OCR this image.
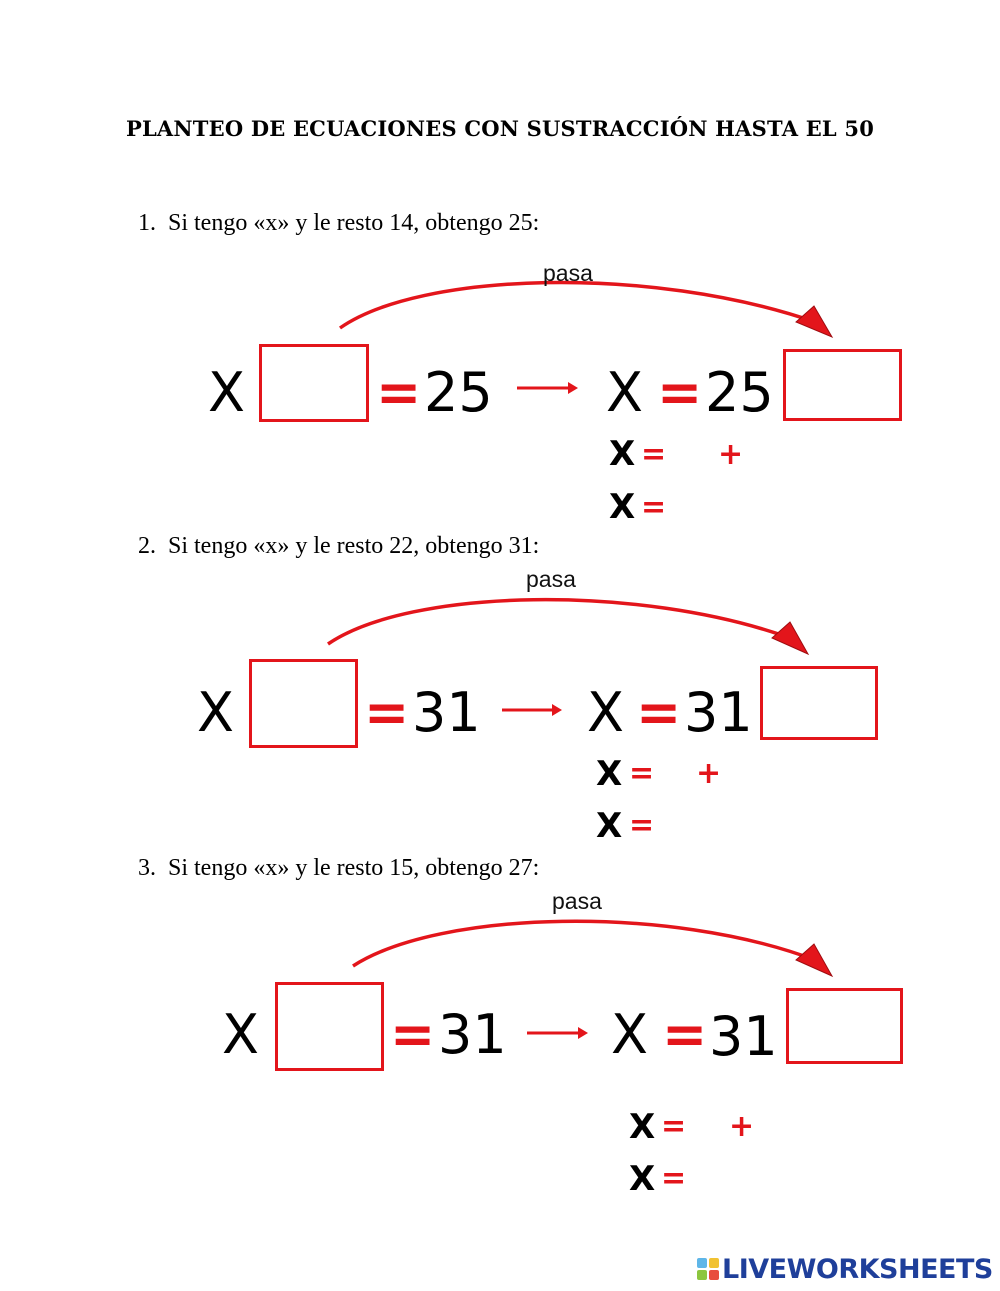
PLANTEO DE ECUACIONES CON SUSTRACCIÓN HASTA EL 50
1. Si tengo «x» y le resto 14, obtengo 25:
pasa
X = 25 X = 25
X = +
X =
2. Si tengo «x» y le resto 22, obtengo 31:
pasa
X = 31 X = 31
X = +
X =
3. Si tengo «x» y le resto 15, obtengo 27:
pasa
X = 31 X = 31
X = +
X =
LIVEWORKSHEETS
